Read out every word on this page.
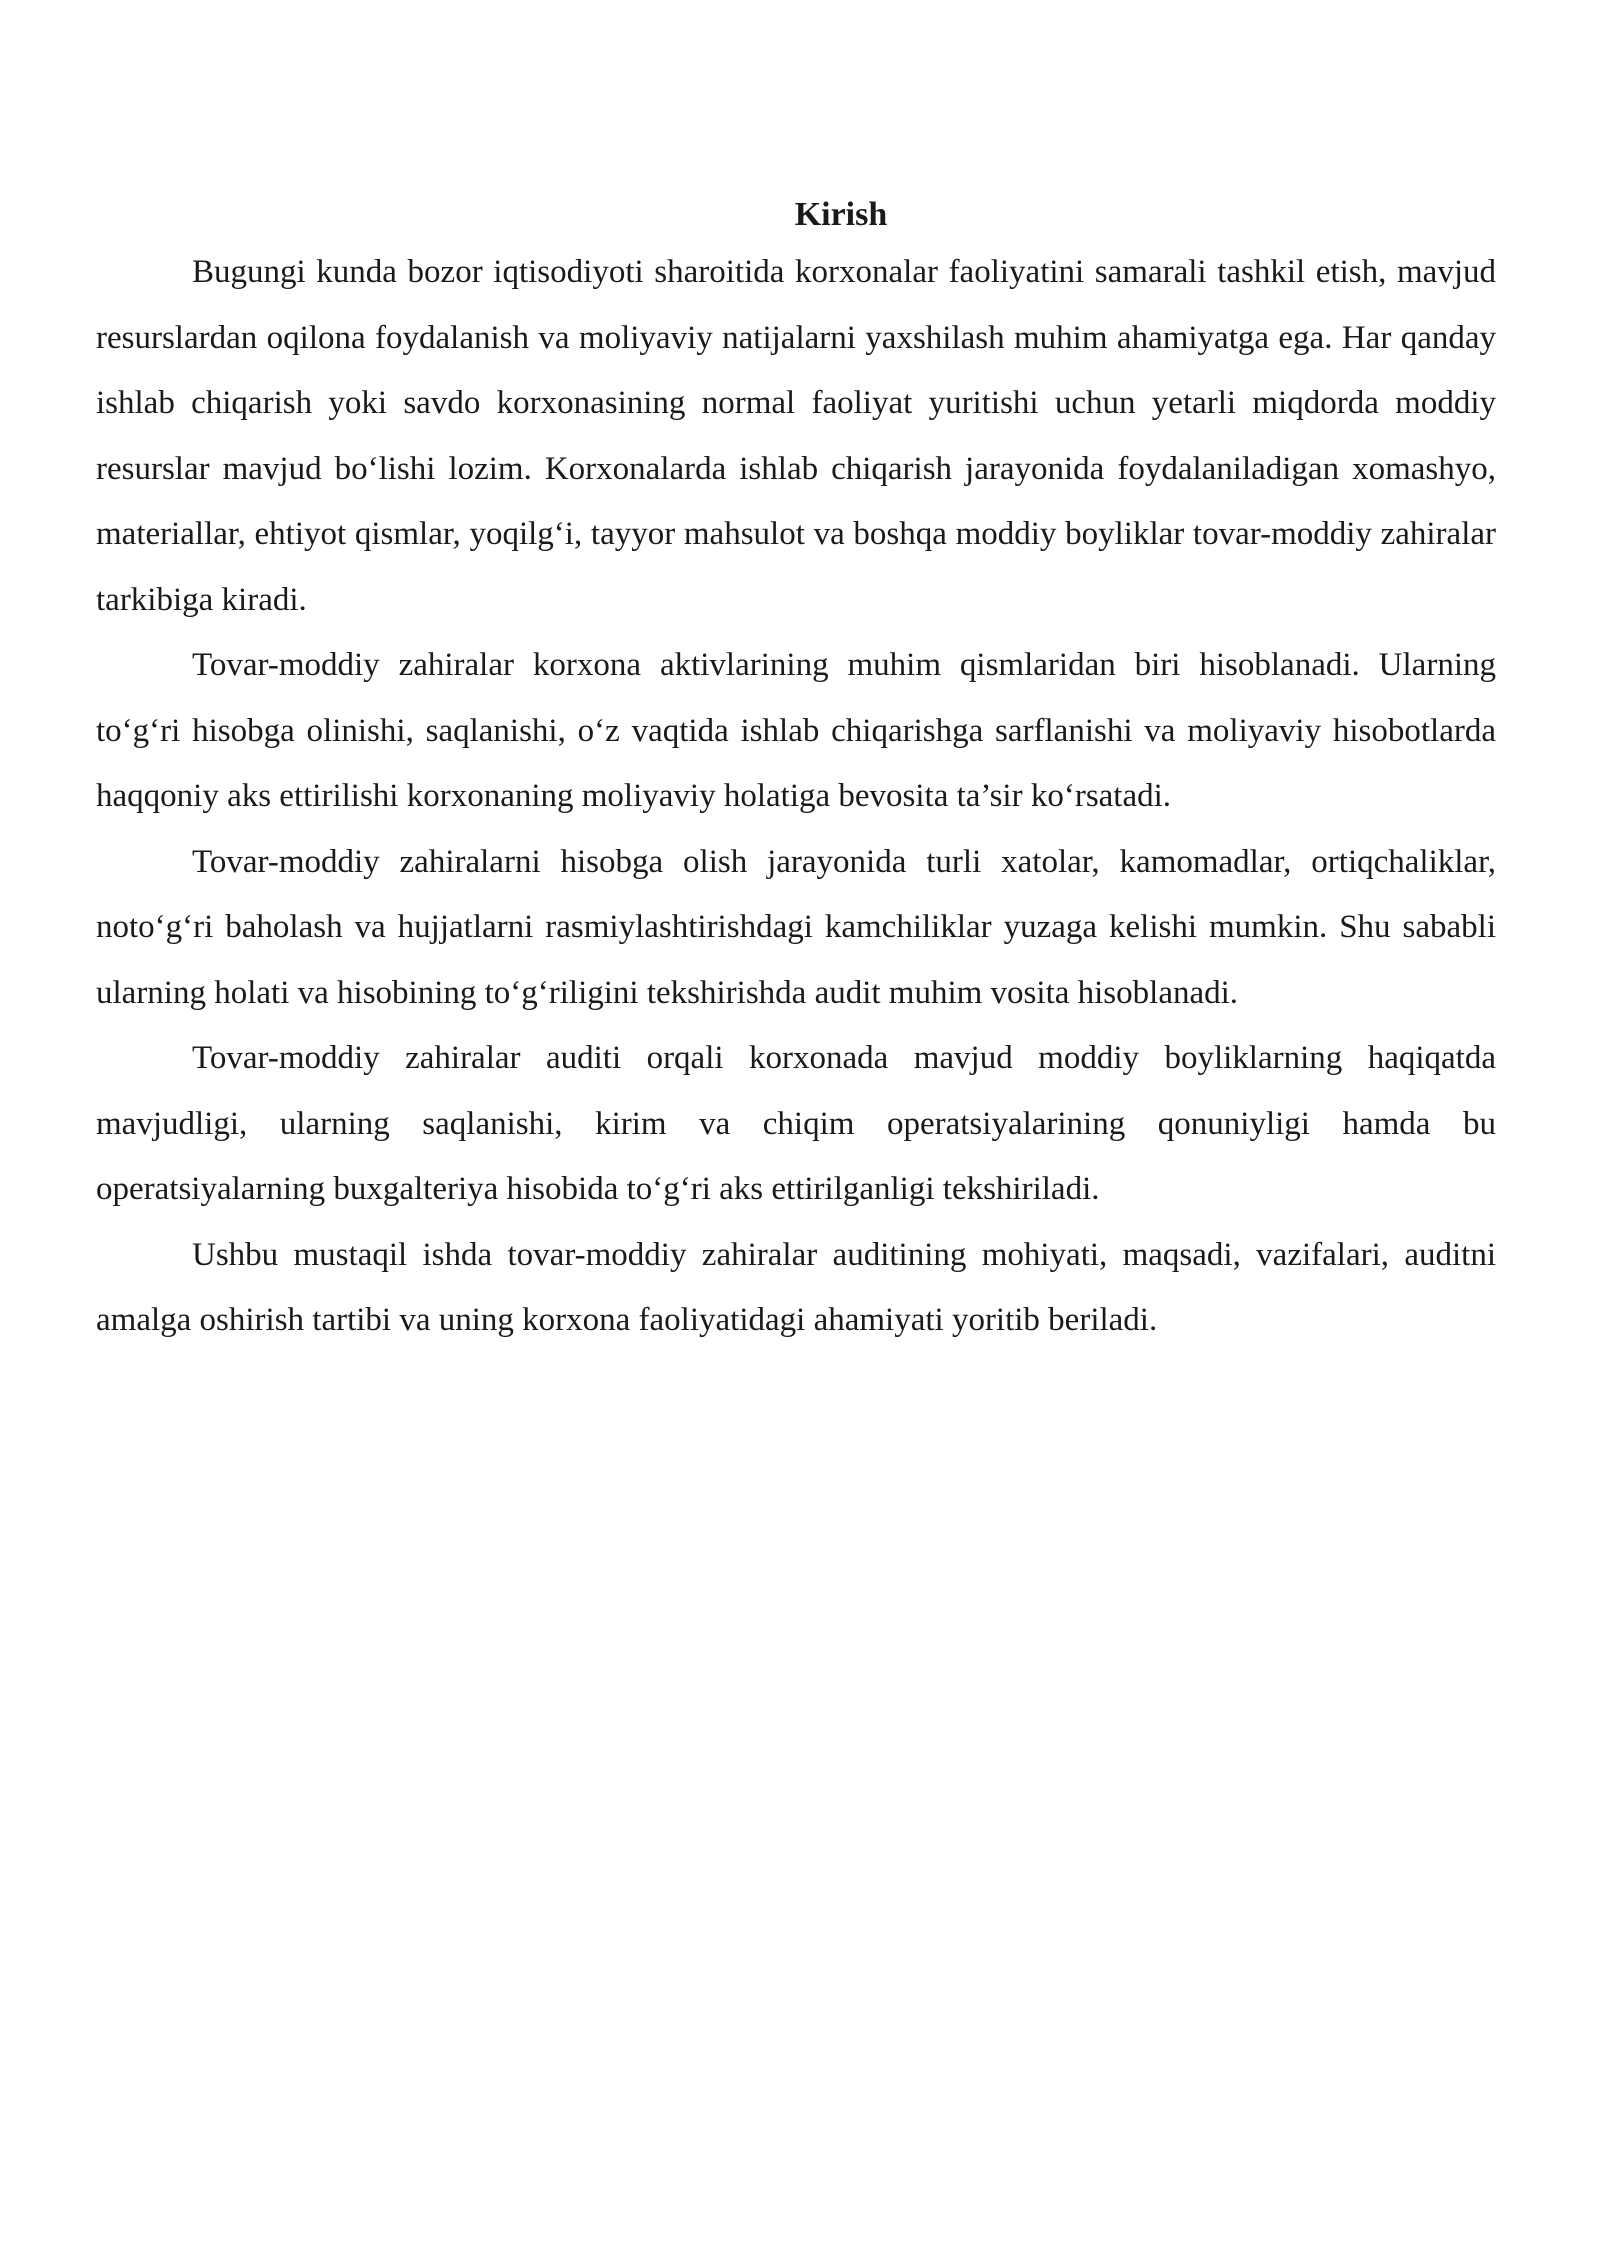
Kirish

Bugungi kunda bozor iqtisodiyoti sharoitida korxonalar faoliyatini samarali tashkil etish, mavjud resurslardan oqilona foydalanish va moliyaviy natijalarni yaxshilash muhim ahamiyatga ega. Har qanday ishlab chiqarish yoki savdo korxonasining normal faoliyat yuritishi uchun yetarli miqdorda moddiy resurslar mavjud bo‘lishi lozim. Korxonalarda ishlab chiqarish jarayonida foydalaniladigan xomashyo, materiallar, ehtiyot qismlar, yoqilg‘i, tayyor mahsulot va boshqa moddiy boyliklar tovar-moddiy zahiralar tarkibiga kiradi.

Tovar-moddiy zahiralar korxona aktivlarining muhim qismlaridan biri hisoblanadi. Ularning to‘g‘ri hisobga olinishi, saqlanishi, o‘z vaqtida ishlab chiqarishga sarflanishi va moliyaviy hisobotlarda haqqoniy aks ettirilishi korxonaning moliyaviy holatiga bevosita ta’sir ko‘rsatadi.

Tovar-moddiy zahiralarni hisobga olish jarayonida turli xatolar, kamomadlar, ortiqchaliklar, noto‘g‘ri baholash va hujjatlarni rasmiylashtirishdagi kamchiliklar yuzaga kelishi mumkin. Shu sababli ularning holati va hisobining to‘g‘riligini tekshirishda audit muhim vosita hisoblanadi.

Tovar-moddiy zahiralar auditi orqali korxonada mavjud moddiy boyliklarning haqiqatda mavjudligi, ularning saqlanishi, kirim va chiqim operatsiyalarining qonuniyligi hamda bu operatsiyalarning buxgalteriya hisobida to‘g‘ri aks ettirilganligi tekshiriladi.

Ushbu mustaqil ishda tovar-moddiy zahiralar auditining mohiyati, maqsadi, vazifalari, auditni amalga oshirish tartibi va uning korxona faoliyatidagi ahamiyati yoritib beriladi.
